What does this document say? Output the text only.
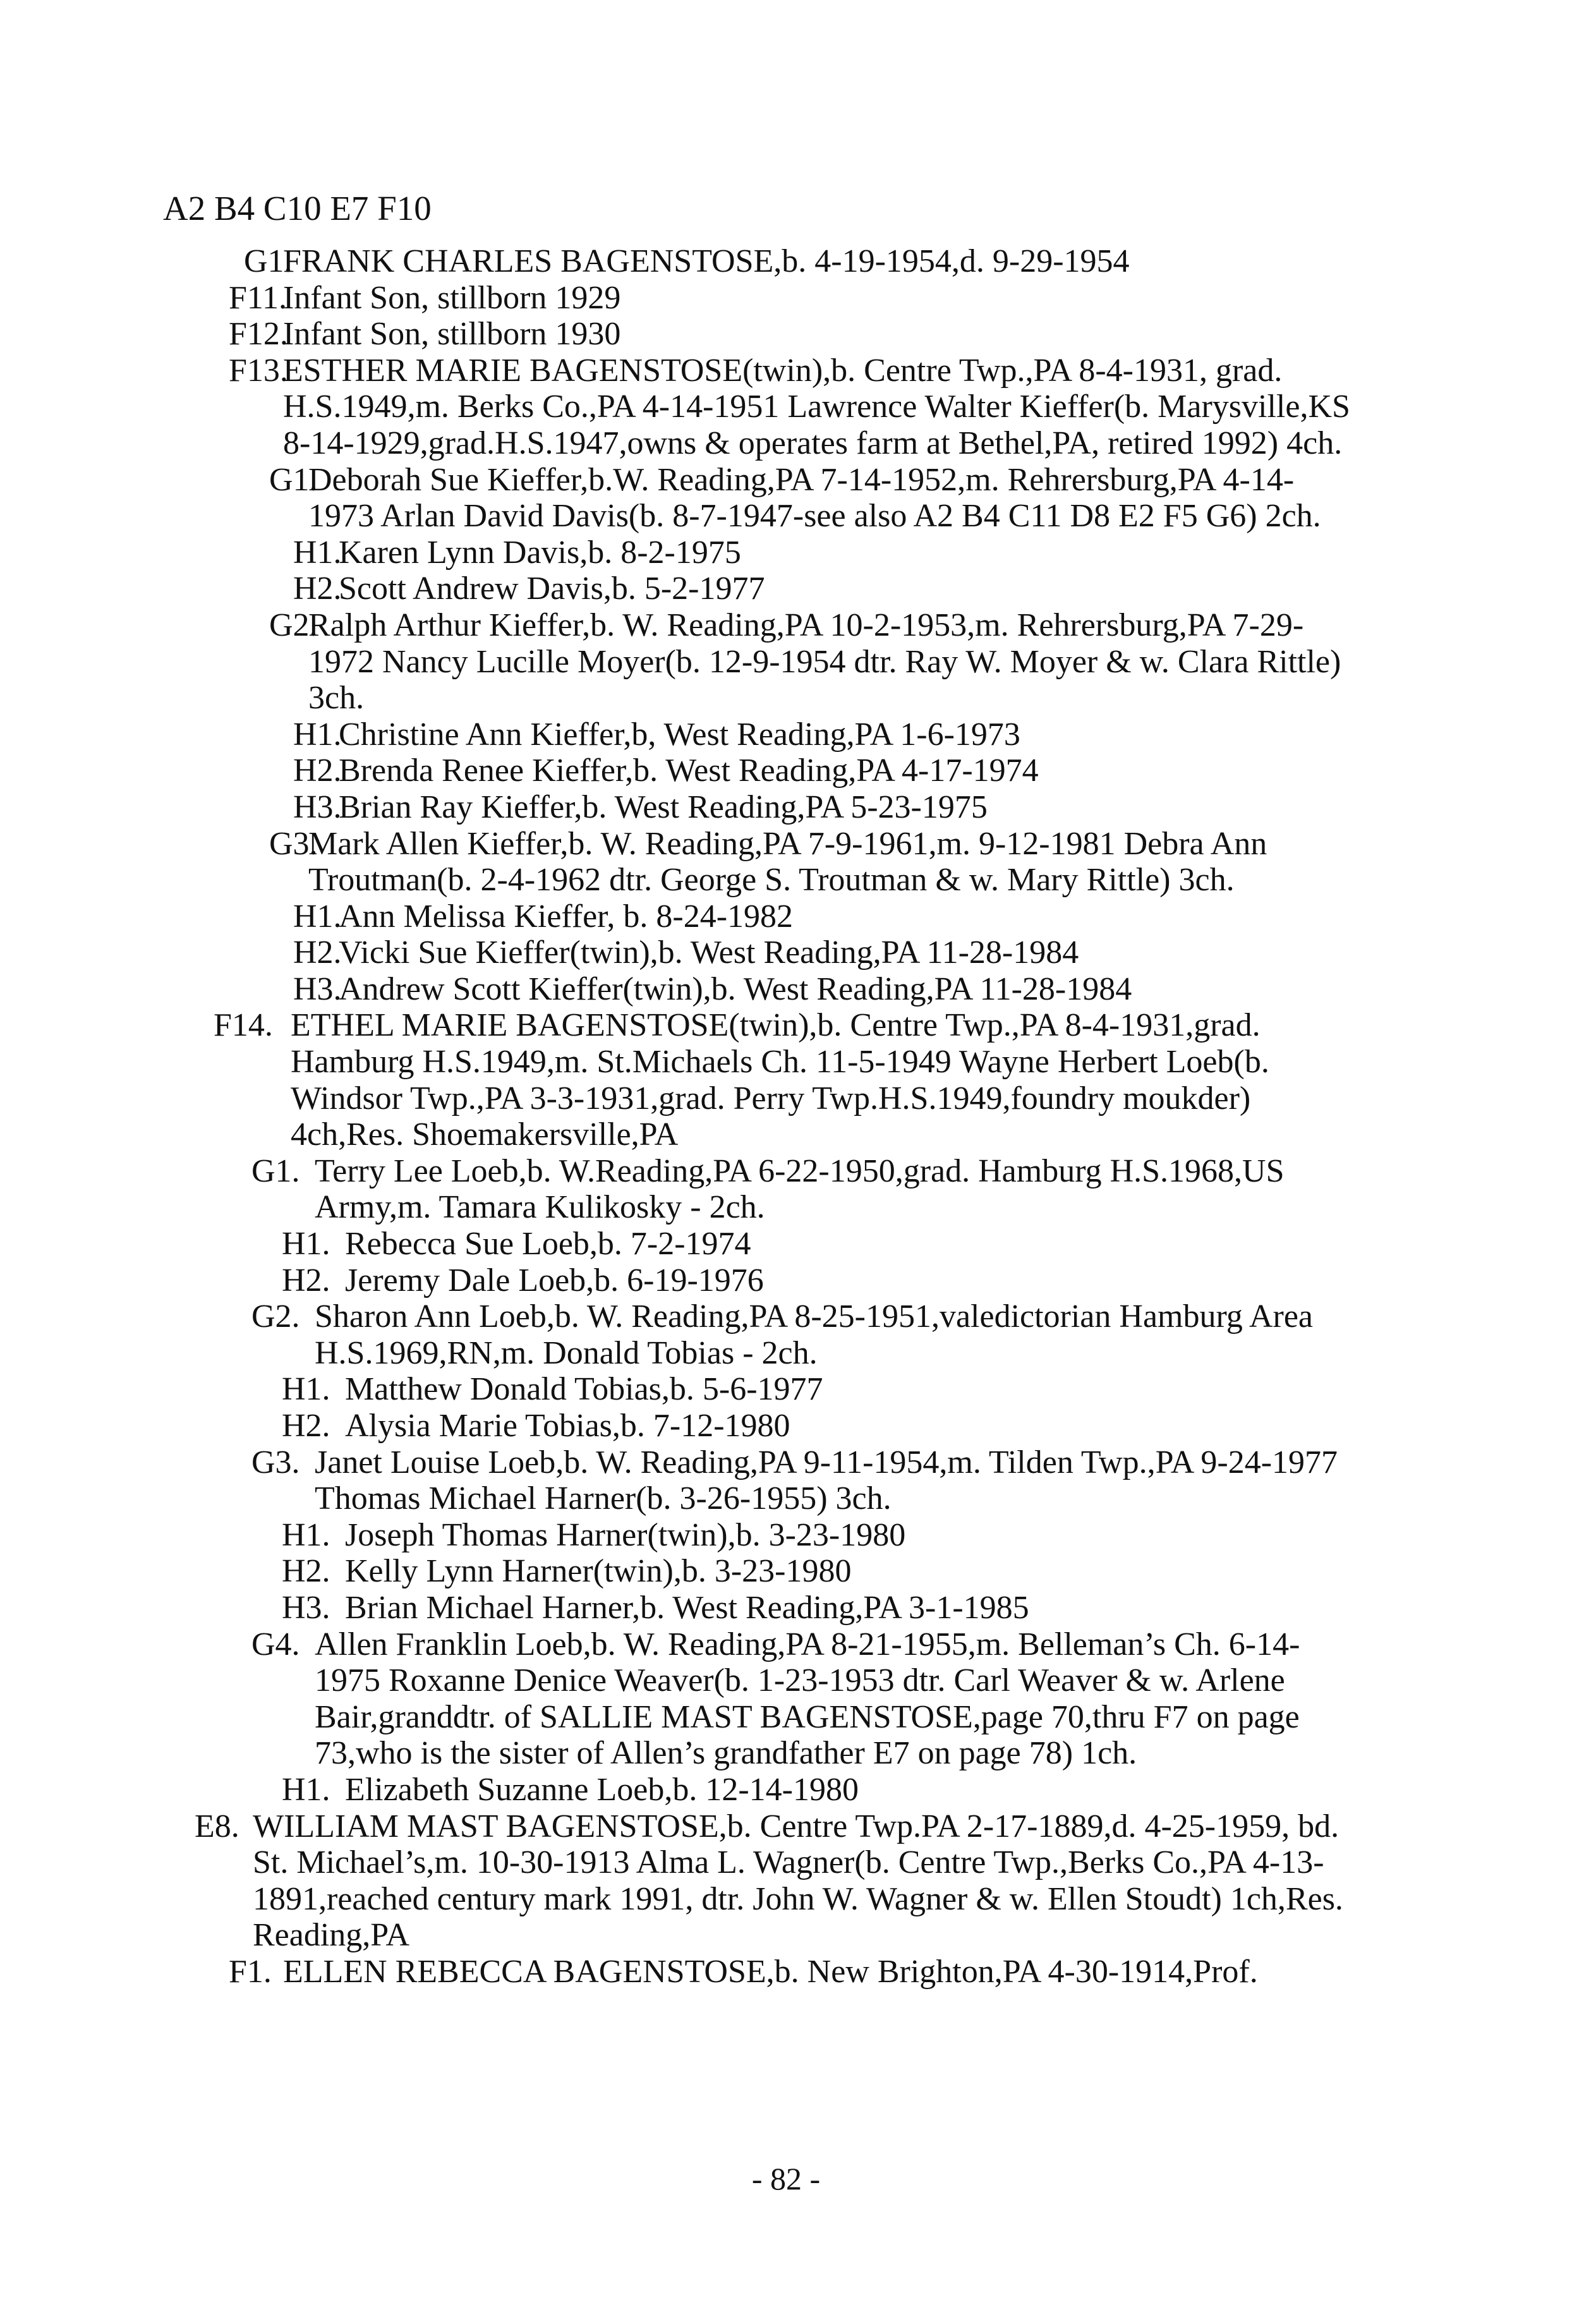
A2 B4 C10 E7 F10
G1.
FRANK CHARLES BAGENSTOSE,b. 4-19-1954,d. 9-29-1954
F11.
Infant Son, stillborn 1929
F12.
Infant Son, stillborn 1930
F13.
ESTHER MARIE BAGENSTOSE(twin),b. Centre Twp.,PA 8-4-1931, grad. H.S.1949,m. Berks Co.,PA 4-14-1951 Lawrence Walter Kieffer(b. Marysville,KS 8-14-1929,grad.H.S.1947,owns & operates farm at Bethel,PA, retired 1992) 4ch.
G1.
Deborah Sue Kieffer,b.W. Reading,PA 7-14-1952,m. Rehrersburg,PA 4-14-1973 Arlan David Davis(b. 8-7-1947-see also A2 B4 C11 D8 E2 F5 G6) 2ch.
H1.
Karen Lynn Davis,b. 8-2-1975
H2.
Scott Andrew Davis,b. 5-2-1977
G2.
Ralph Arthur Kieffer,b. W. Reading,PA 10-2-1953,m. Rehrersburg,PA 7-29-1972 Nancy Lucille Moyer(b. 12-9-1954 dtr. Ray W. Moyer & w. Clara Rittle) 3ch.
H1.
Christine Ann Kieffer,b, West Reading,PA 1-6-1973
H2.
Brenda Renee Kieffer,b. West Reading,PA 4-17-1974
H3.
Brian Ray Kieffer,b. West Reading,PA 5-23-1975
G3.
Mark Allen Kieffer,b. W. Reading,PA 7-9-1961,m. 9-12-1981 Debra Ann Troutman(b. 2-4-1962 dtr. George S. Troutman & w. Mary Rittle) 3ch.
H1.
Ann Melissa Kieffer, b. 8-24-1982
H2.
Vicki Sue Kieffer(twin),b. West Reading,PA 11-28-1984
H3.
Andrew Scott Kieffer(twin),b. West Reading,PA 11-28-1984
F14. ETHEL MARIE BAGENSTOSE(twin),b. Centre Twp.,PA 8-4-1931,grad. Hamburg H.S.1949,m. St.Michaels Ch. 11-5-1949 Wayne Herbert Loeb(b. Windsor Twp.,PA 3-3-1931,grad. Perry Twp.H.S.1949,foundry moukder) 4ch,Res. Shoemakersville,PA
G1. Terry Lee Loeb,b. W.Reading,PA 6-22-1950,grad. Hamburg H.S.1968,US Army,m. Tamara Kulikosky - 2ch.
H1. Rebecca Sue Loeb,b. 7-2-1974
H2. Jeremy Dale Loeb,b. 6-19-1976
G2. Sharon Ann Loeb,b. W. Reading,PA 8-25-1951,valedictorian Hamburg Area H.S.1969,RN,m. Donald Tobias - 2ch.
H1. Matthew Donald Tobias,b. 5-6-1977
H2. Alysia Marie Tobias,b. 7-12-1980
G3. Janet Louise Loeb,b. W. Reading,PA 9-11-1954,m. Tilden Twp.,PA 9-24-1977 Thomas Michael Harner(b. 3-26-1955) 3ch.
H1. Joseph Thomas Harner(twin),b. 3-23-1980
H2. Kelly Lynn Harner(twin),b. 3-23-1980
H3. Brian Michael Harner,b. West Reading,PA 3-1-1985
G4. Allen Franklin Loeb,b. W. Reading,PA 8-21-1955,m. Belleman’s Ch. 6-14-1975 Roxanne Denice Weaver(b. 1-23-1953 dtr. Carl Weaver & w. Arlene Bair,granddtr. of SALLIE MAST BAGENSTOSE,page 70,thru F7 on page 73,who is the sister of Allen’s grandfather E7 on page 78) 1ch.
H1. Elizabeth Suzanne Loeb,b. 12-14-1980
E8. WILLIAM MAST BAGENSTOSE,b. Centre Twp.PA 2-17-1889,d. 4-25-1959, bd. St. Michael’s,m. 10-30-1913 Alma L. Wagner(b. Centre Twp.,Berks Co.,PA 4-13-1891,reached century mark 1991, dtr. John W. Wagner & w. Ellen Stoudt) 1ch,Res. Reading,PA
F1. ELLEN REBECCA BAGENSTOSE,b. New Brighton,PA 4-30-1914,Prof.
- 82 -
